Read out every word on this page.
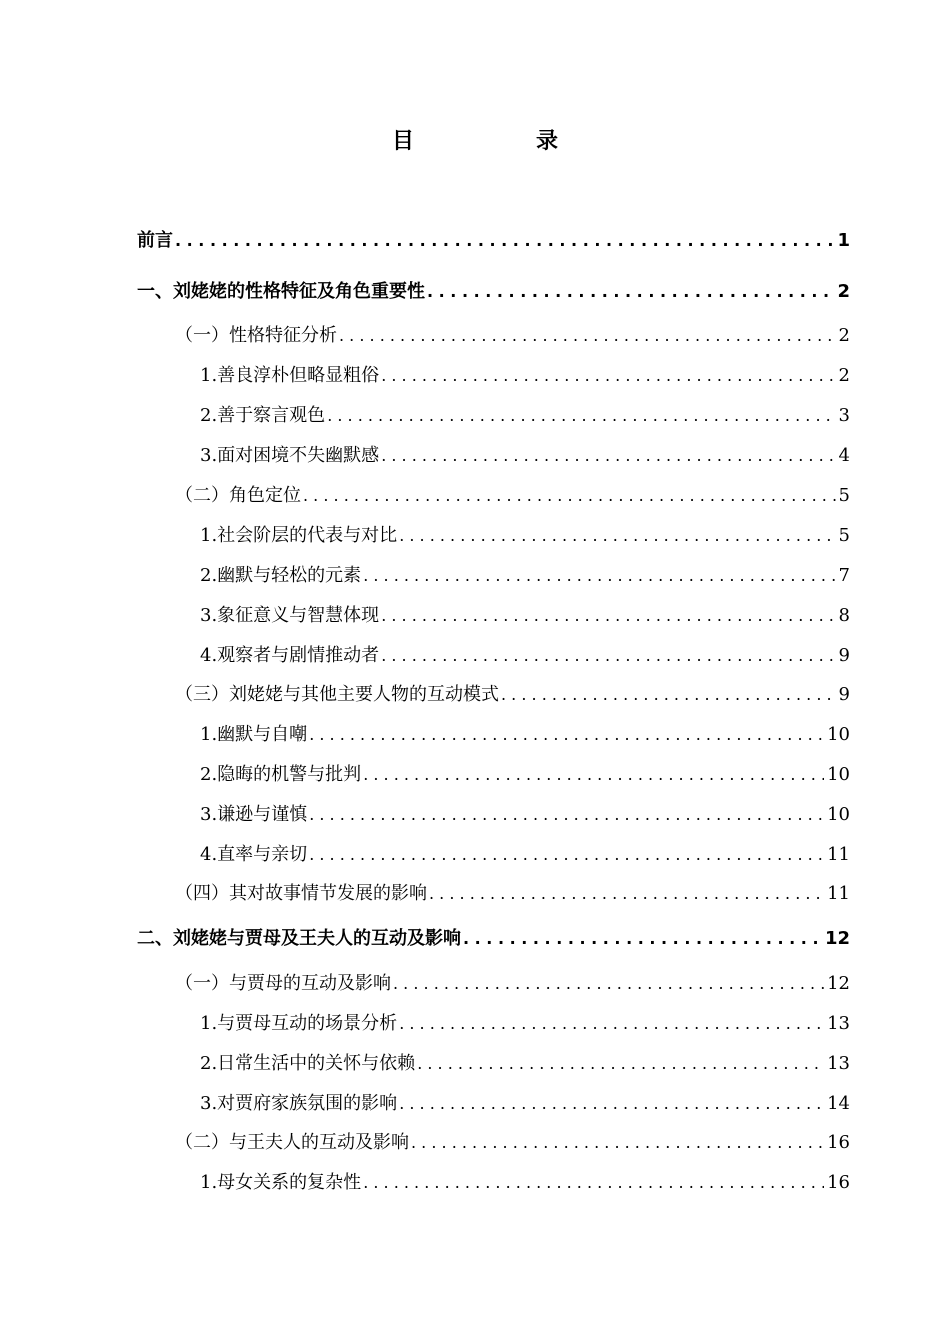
目　录
前言 . . .	1
一、刘姥姥的性格特征及角色重要性 . . .	2
（一）性格特征分析 . . .	2
1.善良淳朴但略显粗俗 . . .	2
2.善于察言观色 . . .	3
3.面对困境不失幽默感 . . .	4
（二）角色定位 . . .	5
1.社会阶层的代表与对比 . . .	5
2.幽默与轻松的元素 . . .	7
3.象征意义与智慧体现 . . .	8
4.观察者与剧情推动者 . . .	9
（三）刘姥姥与其他主要人物的互动模式 . . .	9
1.幽默与自嘲 . . .	10
2.隐晦的机警与批判 . . .	10
3.谦逊与谨慎 . . .	10
4.直率与亲切 . . .	11
（四）其对故事情节发展的影响 . . .	11
二、刘姥姥与贾母及王夫人的互动及影响 . . .	12
（一）与贾母的互动及影响 . . .	12
1.与贾母互动的场景分析 . . .	13
2.日常生活中的关怀与依赖 . . .	13
3.对贾府家族氛围的影响 . . .	14
（二）与王夫人的互动及影响 . . .	16
1.母女关系的复杂性 . . .	16
